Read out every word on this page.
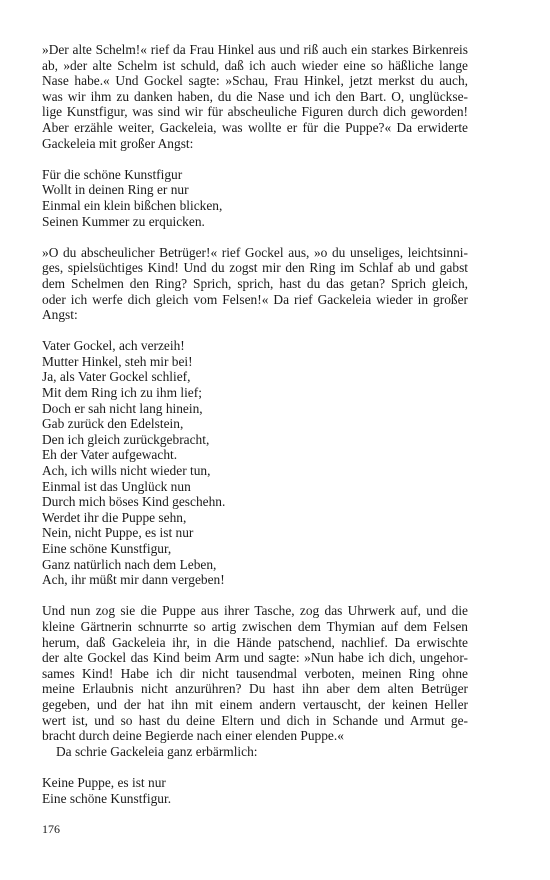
»Der alte Schelm!« rief da Frau Hinkel aus und riß auch ein starkes Birkenreis
ab, »der alte Schelm ist schuld, daß ich auch wieder eine so häßliche lange
Nase habe.« Und Gockel sagte: »Schau, Frau Hinkel, jetzt merkst du auch,
was wir ihm zu danken haben, du die Nase und ich den Bart. O, unglückse-
lige Kunstfigur, was sind wir für abscheuliche Figuren durch dich geworden!
Aber erzähle weiter, Gackeleia, was wollte er für die Puppe?« Da erwiderte
Gackeleia mit großer Angst:
Für die schöne Kunstfigur
Wollt in deinen Ring er nur
Einmal ein klein bißchen blicken,
Seinen Kummer zu erquicken.
»O du abscheulicher Betrüger!« rief Gockel aus, »o du unseliges, leichtsinni-
ges, spielsüchtiges Kind! Und du zogst mir den Ring im Schlaf ab und gabst
dem Schelmen den Ring? Sprich, sprich, hast du das getan? Sprich gleich,
oder ich werfe dich gleich vom Felsen!« Da rief Gackeleia wieder in großer
Angst:
Vater Gockel, ach verzeih!
Mutter Hinkel, steh mir bei!
Ja, als Vater Gockel schlief,
Mit dem Ring ich zu ihm lief;
Doch er sah nicht lang hinein,
Gab zurück den Edelstein,
Den ich gleich zurückgebracht,
Eh der Vater aufgewacht.
Ach, ich wills nicht wieder tun,
Einmal ist das Unglück nun
Durch mich böses Kind geschehn.
Werdet ihr die Puppe sehn,
Nein, nicht Puppe, es ist nur
Eine schöne Kunstfigur,
Ganz natürlich nach dem Leben,
Ach, ihr müßt mir dann vergeben!
Und nun zog sie die Puppe aus ihrer Tasche, zog das Uhrwerk auf, und die
kleine Gärtnerin schnurrte so artig zwischen dem Thymian auf dem Felsen
herum, daß Gackeleia ihr, in die Hände patschend, nachlief. Da erwischte
der alte Gockel das Kind beim Arm und sagte: »Nun habe ich dich, ungehor-
sames Kind! Habe ich dir nicht tausendmal verboten, meinen Ring ohne
meine Erlaubnis nicht anzurühren? Du hast ihn aber dem alten Betrüger
gegeben, und der hat ihn mit einem andern vertauscht, der keinen Heller
wert ist, und so hast du deine Eltern und dich in Schande und Armut ge-
bracht durch deine Begierde nach einer elenden Puppe.«
Da schrie Gackeleia ganz erbärmlich:
Keine Puppe, es ist nur
Eine schöne Kunstfigur.
176
